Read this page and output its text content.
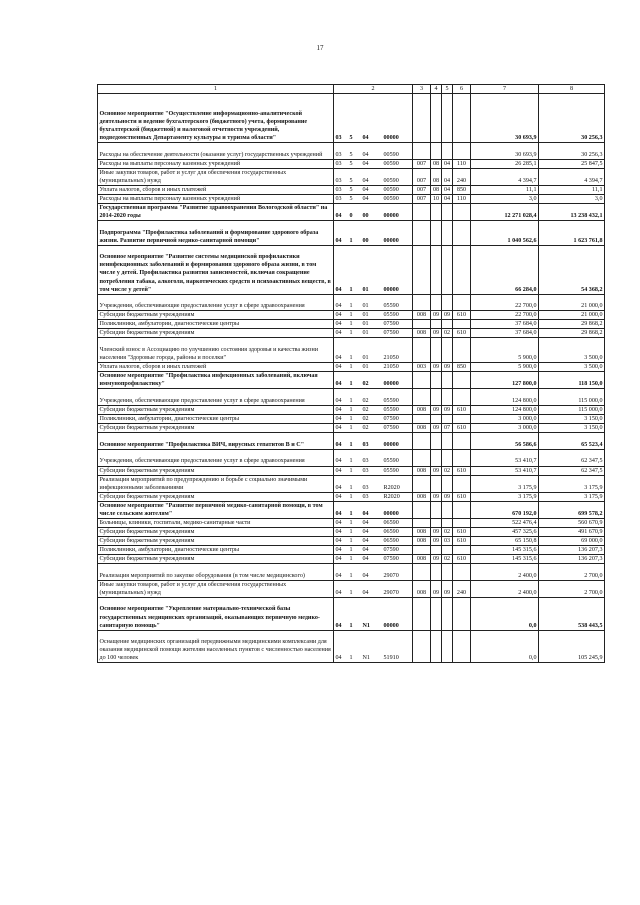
17
1	2	3	4	5	6	7	8
Основное мероприятие "Осуществление информационно-аналитической деятельности и ведение бухгалтерского (бюджетного) учета, формирование бухгалтерской (бюджетной) и налоговой отчетности учреждений, подведомственных Департаменту культуры и туризма области"	03 5 04 00000					30 693,9	30 256,3
Расходы на обеспечение деятельности (оказание услуг) государственных учреждений	03 5 04 00590					30 693,9	30 256,3
Расходы на выплаты персоналу казенных учреждений	03 5 04 00590	007	08	04	110	26 285,1	25 847,5
Иные закупки товаров, работ и услуг для обеспечения государственных (муниципальных) нужд	03 5 04 00590	007	08	04	240	4 394,7	4 394,7
Уплата налогов, сборов и иных платежей	03 5 04 00590	007	08	04	850	11,1	11,1
Расходы на выплаты персоналу казенных учреждений	03 5 04 00590	007	10	04	110	3,0	3,0
Государственная программа "Развитие здравоохранения Вологодской области" на 2014-2020 годы	04 0 00 00000					12 271 028,4	13 238 432,1
Подпрограмма "Профилактика заболеваний и формирование здорового образа жизни. Развитие первичной медико-санитарной помощи"	04 1 00 00000					1 040 562,6	1 623 761,8
Основное мероприятие "Развитие системы медицинской профилактики неинфекционных заболеваний и формирования здорового образа жизни, в том числе у детей. Профилактика развития зависимостей, включая сокращение потребления табака, алкоголя, наркотических средств и психоактивных веществ, в том числе у детей"	04 1 01 00000					66 284,0	54 368,2
Учреждения, обеспечивающие предоставление услуг в сфере здравоохранения	04 1 01 05590					22 700,0	21 000,0
Субсидии бюджетным учреждениям	04 1 01 05590	008	09	09	610	22 700,0	21 000,0
Поликлиники, амбулатории, диагностические центры	04 1 01 07590					37 684,0	29 868,2
Субсидии бюджетным учреждениям	04 1 01 07590	008	09	02	610	37 684,0	29 868,2
Членский взнос в Ассоциацию по улучшению состояния здоровья и качества жизни населения "Здоровые города, районы и поселки"	04 1 01 21050					5 900,0	3 500,0
Уплата налогов, сборов и иных платежей	04 1 01 21050	003	09	09	850	5 900,0	3 500,0
Основное мероприятие "Профилактика инфекционных заболеваний, включая иммунопрофилактику"	04 1 02 00000					127 800,0	118 150,0
Учреждения, обеспечивающие предоставление услуг в сфере здравоохранения	04 1 02 05590					124 800,0	115 000,0
Субсидии бюджетным учреждениям	04 1 02 05590	008	09	09	610	124 800,0	115 000,0
Поликлиники, амбулатории, диагностические центры	04 1 02 07590					3 000,0	3 150,0
Субсидии бюджетным учреждениям	04 1 02 07590	008	09	07	610	3 000,0	3 150,0
Основное мероприятие "Профилактика ВИЧ, вирусных гепатитов В и С"	04 1 03 00000					56 586,6	65 523,4
Учреждения, обеспечивающие предоставление услуг в сфере здравоохранения	04 1 03 05590					53 410,7	62 347,5
Субсидии бюджетным учреждениям	04 1 03 05590	008	09	02	610	53 410,7	62 347,5
Реализация мероприятий по предупреждению и борьбе с социально значимыми инфекционными заболеваниями	04 1 03 R2020					3 175,9	3 175,9
Субсидии бюджетным учреждениям	04 1 03 R2020	008	09	09	610	3 175,9	3 175,9
Основное мероприятие "Развитие первичной медико-санитарной помощи, в том числе сельским жителям"	04 1 04 00000					670 192,0	699 578,2
Больницы, клиники, госпитали, медико-санитарные части	04 1 04 06590					522 476,4	560 670,9
Субсидии бюджетным учреждениям	04 1 04 06590	008	09	02	610	457 325,6	491 670,9
Субсидии бюджетным учреждениям	04 1 04 06590	008	09	03	610	65 150,8	69 000,0
Поликлиники, амбулатории, диагностические центры	04 1 04 07590					145 315,6	136 207,3
Субсидии бюджетным учреждениям	04 1 04 07590	008	09	02	610	145 315,6	136 207,3
Реализация мероприятий по закупке оборудования (в том числе медицинского)	04 1 04 29070					2 400,0	2 700,0
Иные закупки товаров, работ и услуг для обеспечения государственных (муниципальных) нужд	04 1 04 29070	008	09	09	240	2 400,0	2 700,0
Основное мероприятие "Укрепление материально-технической базы государственных медицинских организаций, оказывающих первичную медико-санитарную помощь"	04 1 N1 00000					0,0	538 443,5
Оснащение медицинских организаций передвижными медицинскими комплексами для оказания медицинской помощи жителям населенных пунктов с численностью населения до 100 человек	04 1 N1 51910					0,0	105 245,9
